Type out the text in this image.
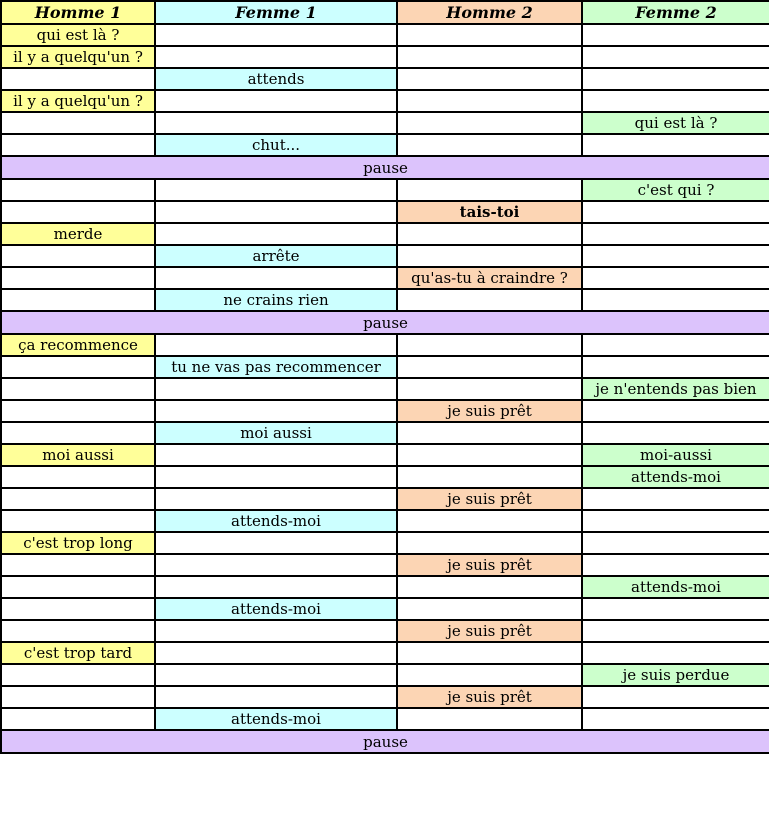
Homme 1	Femme 1	Homme 2	Femme 2
qui est là ?			
il y a quelqu'un ?			
	attends		
il y a quelqu'un ?			
			qui est là ?
	chut...		
pause			
			c'est qui ?
		tais-toi	
merde			
	arrête		
		qu'as-tu à craindre ?	
	ne crains rien		
pause			
ça recommence			
	tu ne vas pas recommencer		
			je n'entends pas bien
		je suis prêt	
	moi aussi		
moi aussi			moi-aussi
			attends-moi
		je suis prêt	
	attends-moi		
c'est trop long			
		je suis prêt	
			attends-moi
	attends-moi		
		je suis prêt	
c'est trop tard			
			je suis perdue
		je suis prêt	
	attends-moi		
pause			
